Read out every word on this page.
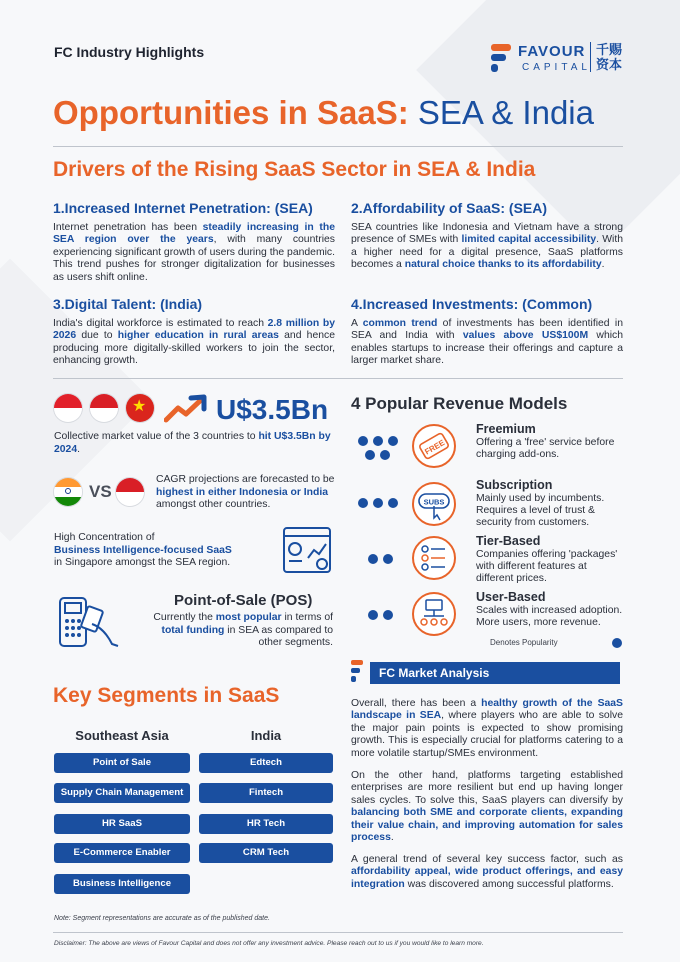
FC Industry Highlights	FAVOUR
CAPITAL
千赐资本
Opportunities in SaaS: SEA & India
Drivers of the Rising SaaS Sector in SEA & India
1.Increased Internet Penetration: (SEA)

Internet penetration has been steadily increasing in the SEA region over the years, with many countries experiencing significant growth of users during the pandemic. This trend pushes for stronger digitalization for businesses as users shift online.

2.Affordability of SaaS: (SEA)

SEA countries like Indonesia and Vietnam have a strong presence of SMEs with limited capital accessibility. With a higher need for a digital presence, SaaS platforms becomes a natural choice thanks to its affordability.

3.Digital Talent: (India)

India's digital workforce is estimated to reach 2.8 million by 2026 due to higher education in rural areas and hence producing more digitally-skilled workers to join the sector, enhancing growth.

4.Increased Investments: (Common)

A common trend of investments has been identified in SEA and India with values above US$100M which enables startups to increase their offerings and capture a larger market share.

★ U$3.5Bn

Collective market value of the 3 countries to hit U$3.5Bn by 2024.

VS

CAGR projections are forecasted to be highest in either Indonesia or India amongst other countries.

High Concentration of
Business Intelligence-focused SaaS
in Singapore amongst the SEA region.

Point-of-Sale (POS)

Currently the most popular in terms of total funding in SEA as compared to other segments.

4 Popular Revenue Models
FREE
Freemium
Offering a 'free' service before charging add-ons.
SUBS
Subscription
Mainly used by incumbents. Requires a level of trust & security from customers.
Tier-Based
Companies offering 'packages' with different features at different prices.
User-Based
Scales with increased adoption. More users, more revenue.
Denotes Popularity
Key Segments in SaaS
Southeast Asia	India
Point of Sale
Supply Chain Management
HR SaaS
E-Commerce Enabler
Business Intelligence
Edtech
Fintech
HR Tech
CRM Tech
Note: Segment representations are accurate as of the published date.
FC Market Analysis

Overall, there has been a healthy growth of the SaaS landscape in SEA, where players who are able to solve the major pain points is expected to show promising growth. This is especially crucial for platforms catering to a more volatile startup/SMEs environment.

On the other hand, platforms targeting established enterprises are more resilient but end up having longer sales cycles. To solve this, SaaS players can diversify by balancing both SME and corporate clients, expanding their value chain, and improving automation for sales process.

A general trend of several key success factor, such as affordability appeal, wide product offerings, and easy integration was discovered among successful platforms.

Disclaimer: The above are views of Favour Capital and does not offer any investment advice. Please reach out to us if you would like to learn more.
